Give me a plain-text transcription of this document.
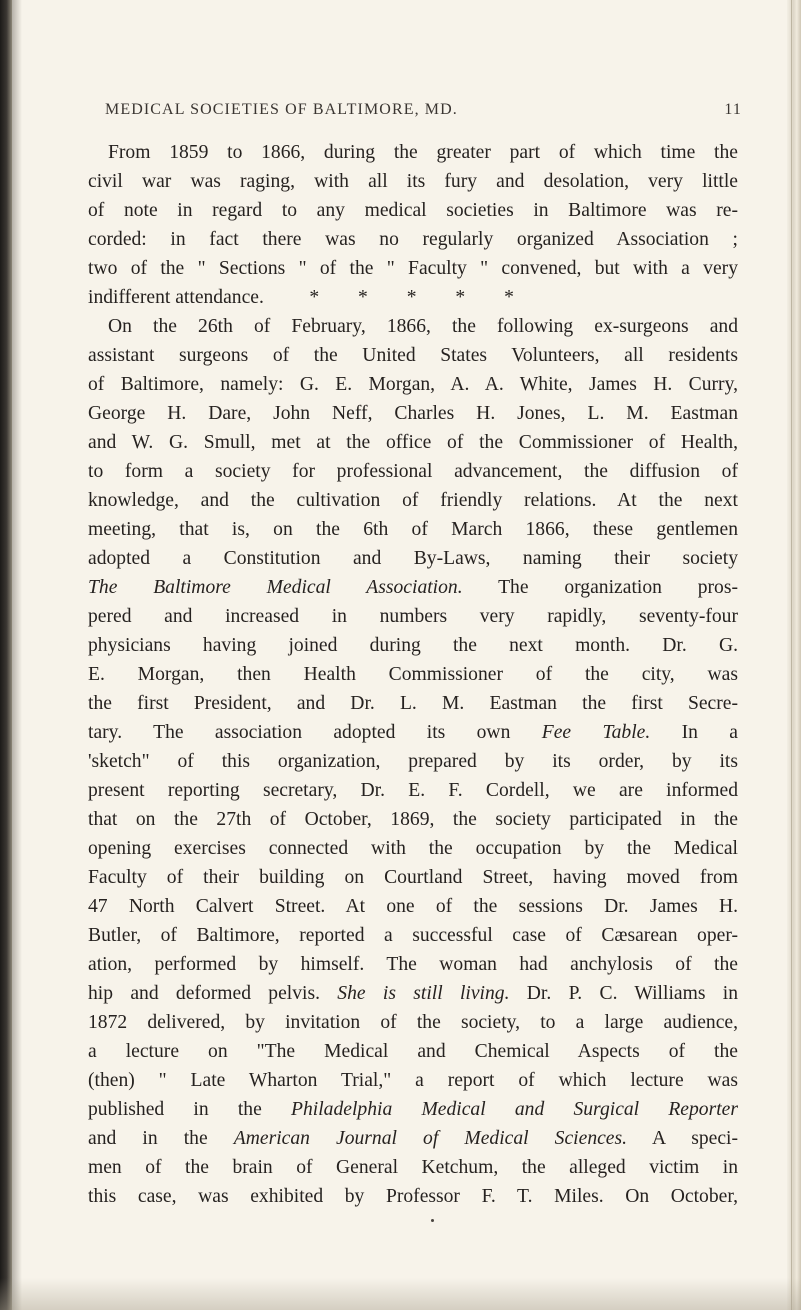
MEDICAL SOCIETIES OF BALTIMORE, MD.	11
From 1859 to 1866, during the greater part of which time the
civil war was raging, with all its fury and desolation, very little
of note in regard to any medical societies in Baltimore was re-
corded: in fact there was no regularly organized Association ;
two of the " Sections " of the " Faculty " convened, but with a very
indifferent attendance. * * * * *
On the 26th of February, 1866, the following ex-surgeons and
assistant surgeons of the United States Volunteers, all residents
of Baltimore, namely: G. E. Morgan, A. A. White, James H. Curry,
George H. Dare, John Neff, Charles H. Jones, L. M. Eastman
and W. G. Smull, met at the office of the Commissioner of Health,
to form a society for professional advancement, the diffusion of
knowledge, and the cultivation of friendly relations. At the next
meeting, that is, on the 6th of March 1866, these gentlemen
adopted a Constitution and By-Laws, naming their society
The Baltimore Medical Association. The organization pros-
pered and increased in numbers very rapidly, seventy-four
physicians having joined during the next month. Dr. G.
E. Morgan, then Health Commissioner of the city, was
the first President, and Dr. L. M. Eastman the first Secre-
tary. The association adopted its own Fee Table. In a
'sketch" of this organization, prepared by its order, by its
present reporting secretary, Dr. E. F. Cordell, we are informed
that on the 27th of October, 1869, the society participated in the
opening exercises connected with the occupation by the Medical
Faculty of their building on Courtland Street, having moved from
47 North Calvert Street. At one of the sessions Dr. James H.
Butler, of Baltimore, reported a successful case of Cæsarean oper-
ation, performed by himself. The woman had anchylosis of the
hip and deformed pelvis. She is still living. Dr. P. C. Williams in
1872 delivered, by invitation of the society, to a large audience,
a lecture on "The Medical and Chemical Aspects of the
(then) " Late Wharton Trial," a report of which lecture was
published in the Philadelphia Medical and Surgical Reporter
and in the American Journal of Medical Sciences. A speci-
men of the brain of General Ketchum, the alleged victim in
this case, was exhibited by Professor F. T. Miles. On October,
